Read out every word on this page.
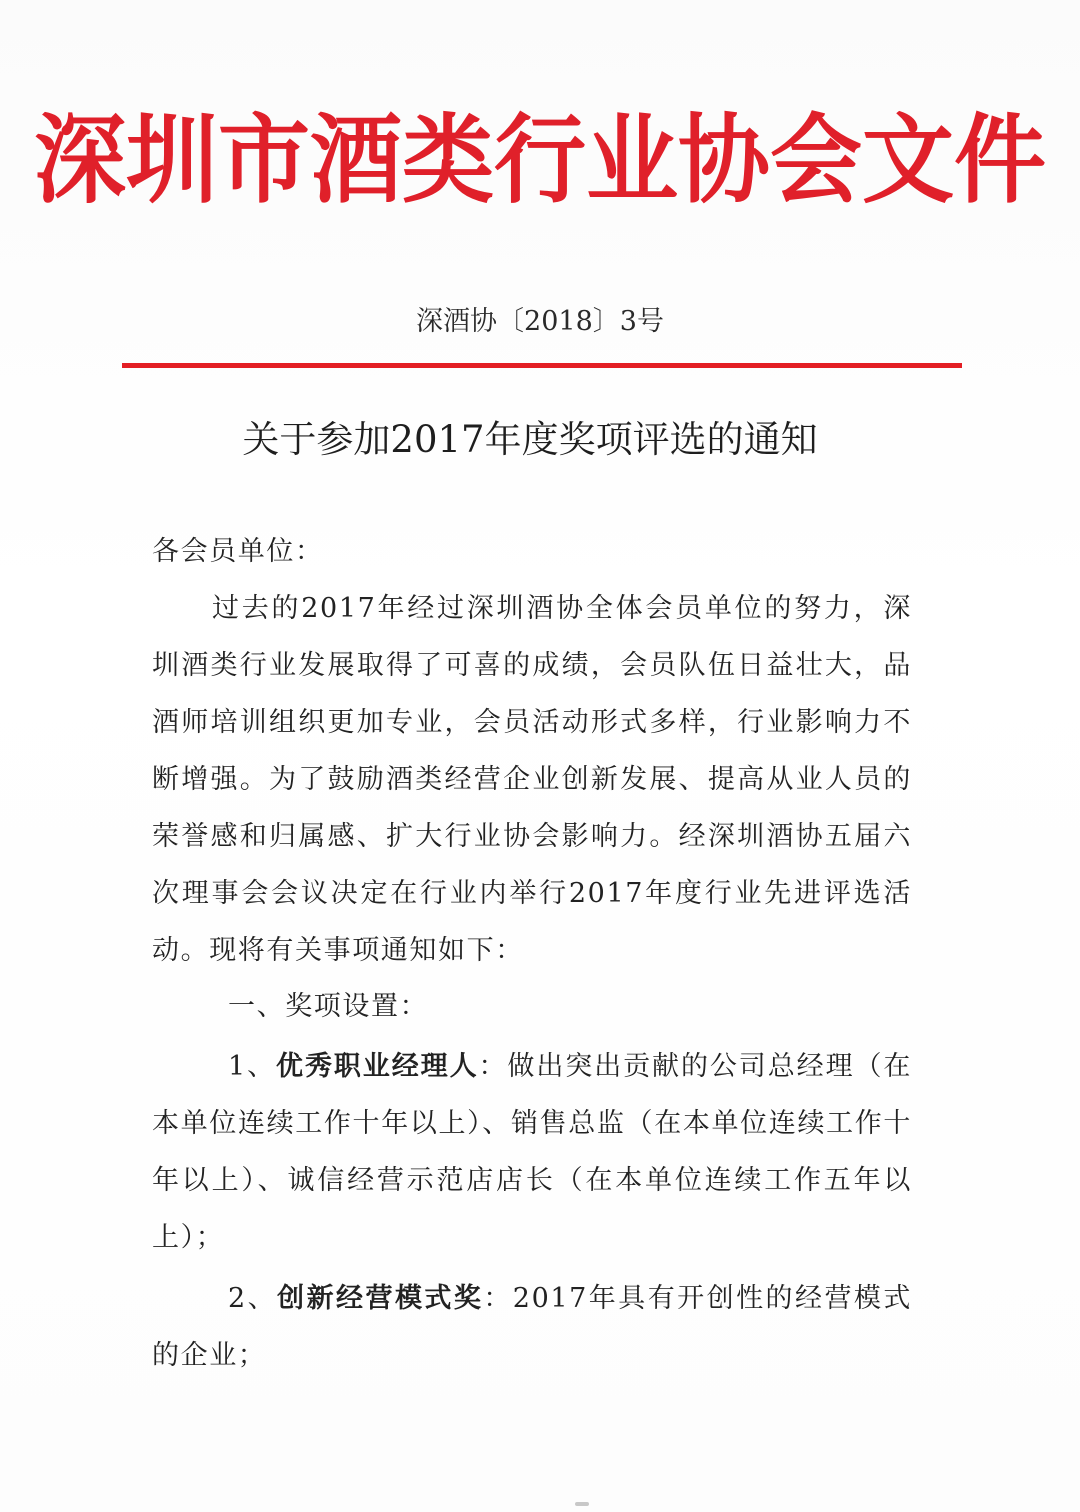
深圳市酒类行业协会文件
深酒协〔2018〕3号
关于参加2017年度奖项评选的通知
各会员单位：
过去的2017年经过深圳酒协全体会员单位的努力，深圳酒类行业发展取得了可喜的成绩，会员队伍日益壮大，品酒师培训组织更加专业，会员活动形式多样，行业影响力不断增强。为了鼓励酒类经营企业创新发展、提高从业人员的荣誉感和归属感、扩大行业协会影响力。经深圳酒协五届六次理事会会议决定在行业内举行2017年度行业先进评选活动。现将有关事项通知如下：
一、奖项设置：
1、优秀职业经理人：做出突出贡献的公司总经理（在本单位连续工作十年以上）、销售总监（在本单位连续工作十年以上）、诚信经营示范店店长（在本单位连续工作五年以上）；
2、创新经营模式奖：2017年具有开创性的经营模式的企业；
